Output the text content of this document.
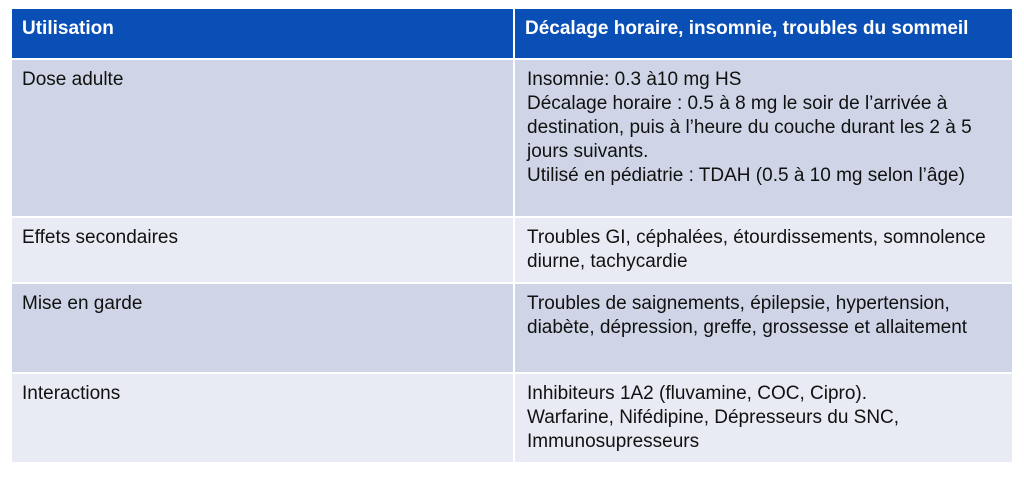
Utilisation	Décalage horaire, insomnie, troubles du sommeil
Dose adulte	Insomnie: 0.3 à10 mg HS
Décalage horaire : 0.5 à 8 mg le soir de l’arrivée à destination, puis à l’heure du couche durant les 2 à 5 jours suivants.
Utilisé en pédiatrie : TDAH (0.5 à 10 mg selon l’âge)

Effets secondaires	Troubles GI, céphalées, étourdissements, somnolence diurne, tachycardie

Mise en garde	Troubles de saignements, épilepsie, hypertension, diabète, dépression, greffe, grossesse et allaitement

Interactions	Inhibiteurs 1A2 (fluvamine, COC, Cipro).
Warfarine, Nifédipine, Dépresseurs du SNC, Immunosupresseurs
